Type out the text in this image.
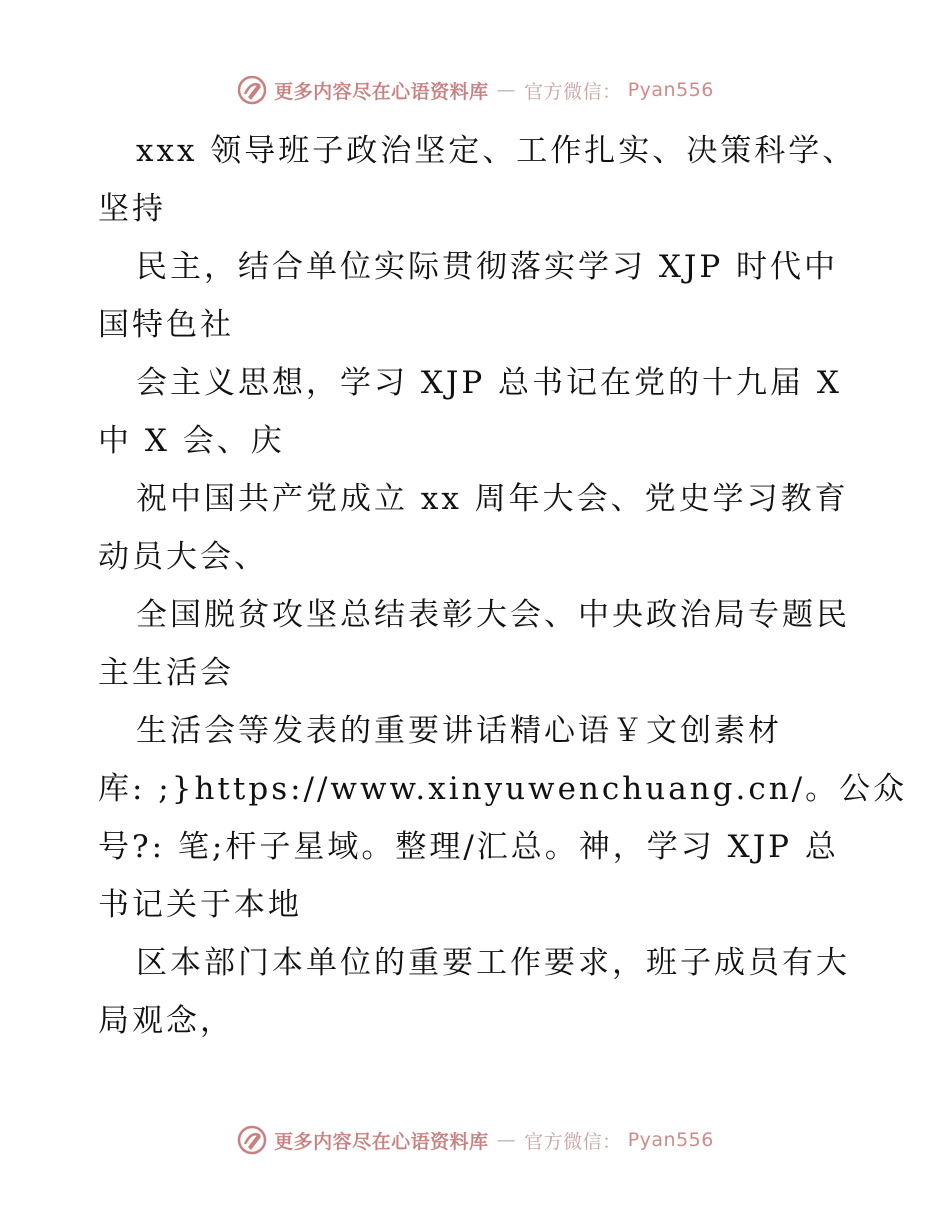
更多内容尽在心语资料库 — 官方微信： Pyan556
xxx 领导班子政治坚定、工作扎实、决策科学、
坚持
民主，结合单位实际贯彻落实学习 XJP 时代中
国特色社
会主义思想，学习 XJP 总书记在党的十九届 X
中 X 会、庆
祝中国共产党成立 xx 周年大会、党史学习教育
动员大会、
全国脱贫攻坚总结表彰大会、中央政治局专题民
主生活会
生活会等发表的重要讲话精心语￥文创素材
库: ;}https://www.xinyuwenchuang.cn/。公众
号?: 笔;杆子星域。整理/汇总。神，学习 XJP 总
书记关于本地
区本部门本单位的重要工作要求，班子成员有大
局观念，
更多内容尽在心语资料库 — 官方微信： Pyan556
